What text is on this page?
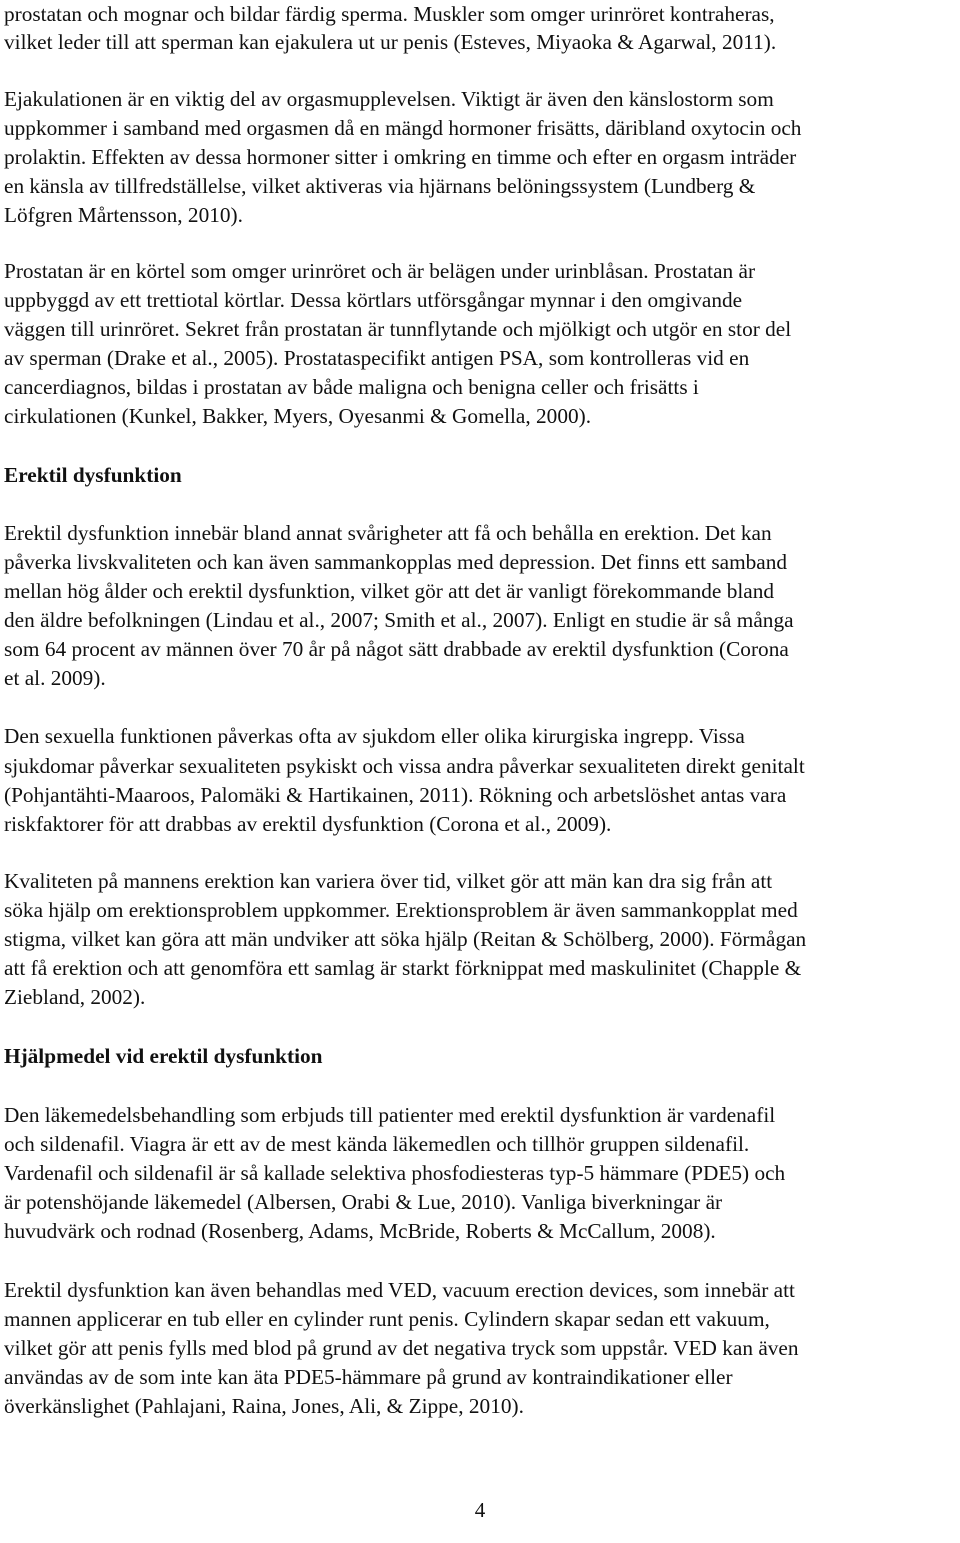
prostatan och mognar och bildar färdig sperma. Muskler som omger urinröret kontraheras,
vilket leder till att sperman kan ejakulera ut ur penis (Esteves, Miyaoka & Agarwal, 2011).
Ejakulationen är en viktig del av orgasmupplevelsen. Viktigt är även den känslostorm som
uppkommer i samband med orgasmen då en mängd hormoner frisätts, däribland oxytocin och
prolaktin. Effekten av dessa hormoner sitter i omkring en timme och efter en orgasm inträder
en känsla av tillfredställelse, vilket aktiveras via hjärnans belöningssystem (Lundberg &
Löfgren Mårtensson, 2010).
Prostatan är en körtel som omger urinröret och är belägen under urinblåsan. Prostatan är
uppbyggd av ett trettiotal körtlar. Dessa körtlars utförsgångar mynnar i den omgivande
väggen till urinröret. Sekret från prostatan är tunnflytande och mjölkigt och utgör en stor del
av sperman (Drake et al., 2005). Prostataspecifikt antigen PSA, som kontrolleras vid en
cancerdiagnos, bildas i prostatan av både maligna och benigna celler och frisätts i
cirkulationen (Kunkel, Bakker, Myers, Oyesanmi & Gomella, 2000).
Erektil dysfunktion
Erektil dysfunktion innebär bland annat svårigheter att få och behålla en erektion. Det kan
påverka livskvaliteten och kan även sammankopplas med depression. Det finns ett samband
mellan hög ålder och erektil dysfunktion, vilket gör att det är vanligt förekommande bland
den äldre befolkningen (Lindau et al., 2007; Smith et al., 2007). Enligt en studie är så många
som 64 procent av männen över 70 år på något sätt drabbade av erektil dysfunktion (Corona
et al. 2009).
Den sexuella funktionen påverkas ofta av sjukdom eller olika kirurgiska ingrepp. Vissa
sjukdomar påverkar sexualiteten psykiskt och vissa andra påverkar sexualiteten direkt genitalt
(Pohjantähti-Maaroos, Palomäki & Hartikainen, 2011). Rökning och arbetslöshet antas vara
riskfaktorer för att drabbas av erektil dysfunktion (Corona et al., 2009).
Kvaliteten på mannens erektion kan variera över tid, vilket gör att män kan dra sig från att
söka hjälp om erektionsproblem uppkommer. Erektionsproblem är även sammankopplat med
stigma, vilket kan göra att män undviker att söka hjälp (Reitan & Schölberg, 2000). Förmågan
att få erektion och att genomföra ett samlag är starkt förknippat med maskulinitet (Chapple &
Ziebland, 2002).
Hjälpmedel vid erektil dysfunktion
Den läkemedelsbehandling som erbjuds till patienter med erektil dysfunktion är vardenafil
och sildenafil. Viagra är ett av de mest kända läkemedlen och tillhör gruppen sildenafil.
Vardenafil och sildenafil är så kallade selektiva phosfodiesteras typ-5 hämmare (PDE5) och
är potenshöjande läkemedel (Albersen, Orabi & Lue, 2010). Vanliga biverkningar är
huvudvärk och rodnad (Rosenberg, Adams, McBride, Roberts & McCallum, 2008).
Erektil dysfunktion kan även behandlas med VED, vacuum erection devices, som innebär att
mannen applicerar en tub eller en cylinder runt penis. Cylindern skapar sedan ett vakuum,
vilket gör att penis fylls med blod på grund av det negativa tryck som uppstår. VED kan även
användas av de som inte kan äta PDE5-hämmare på grund av kontraindikationer eller
överkänslighet (Pahlajani, Raina, Jones, Ali, & Zippe, 2010).
4
